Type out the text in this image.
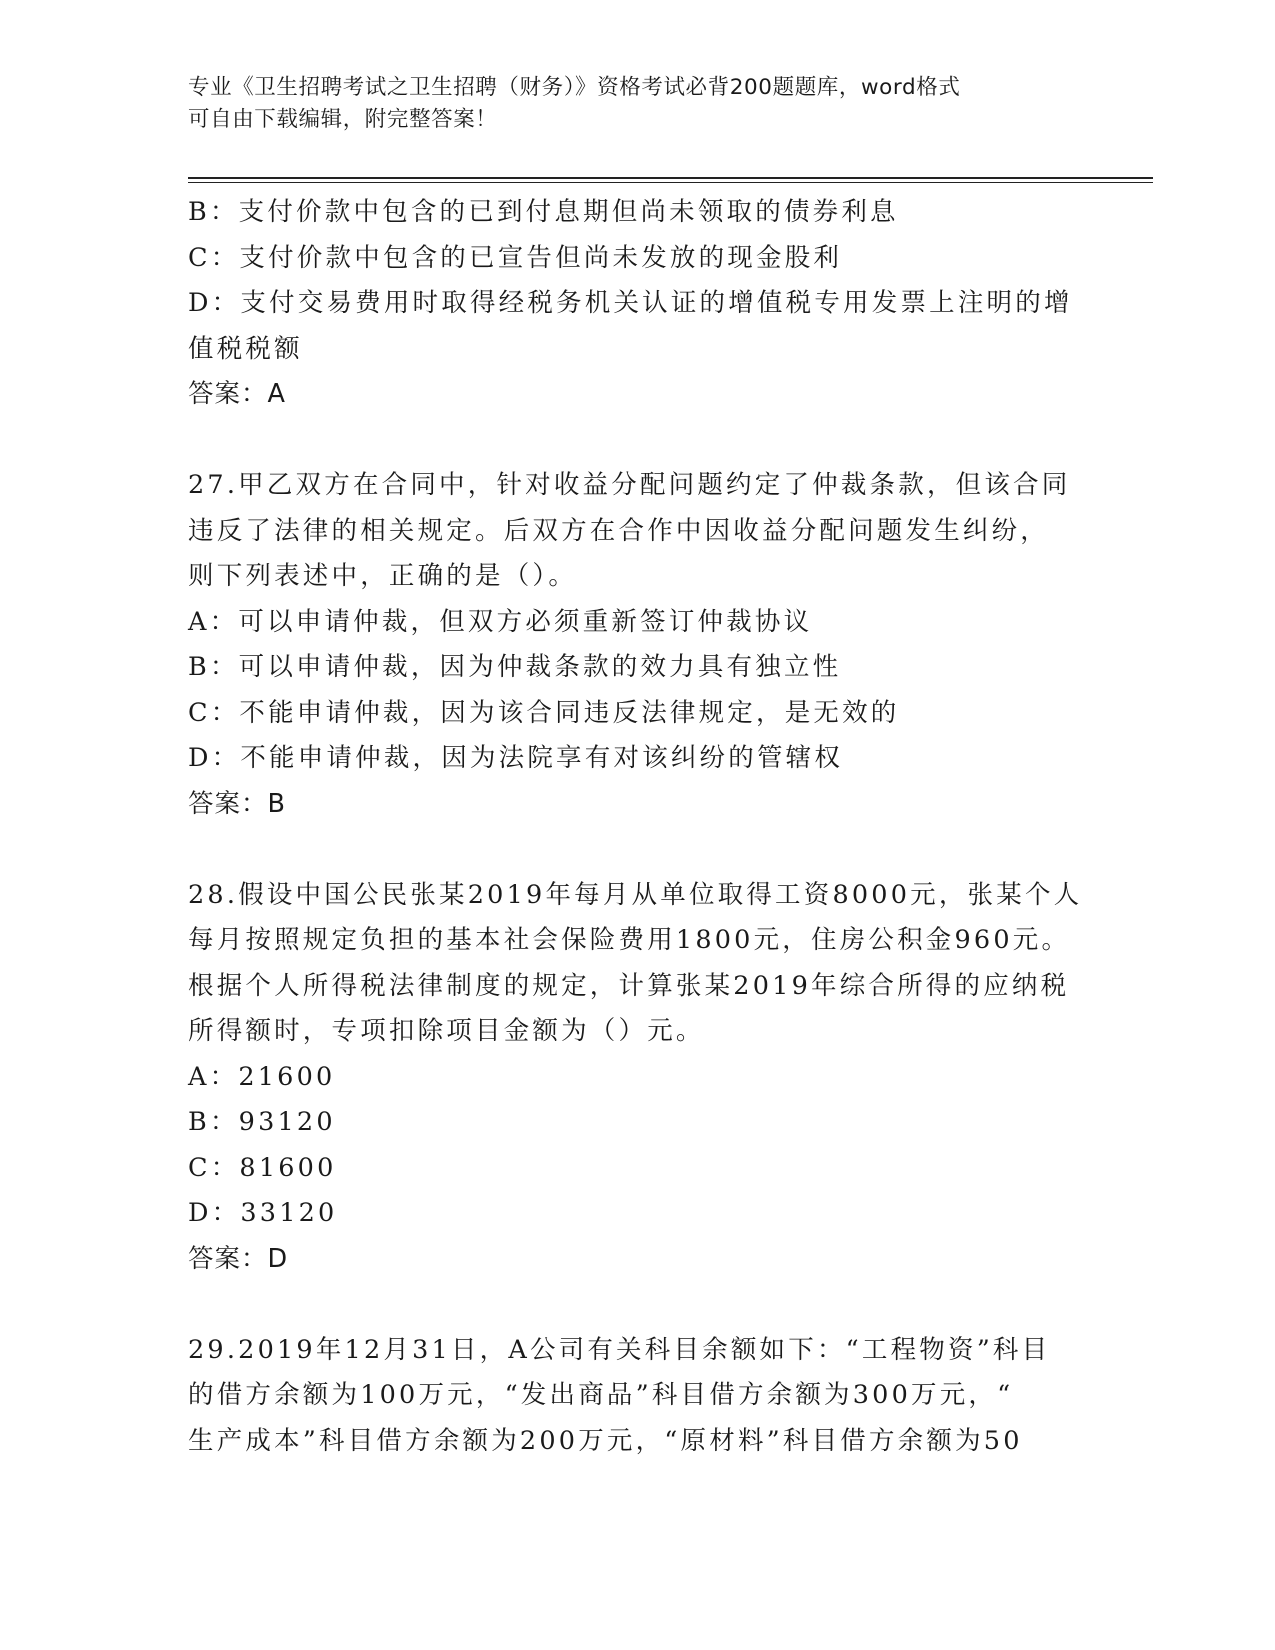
专业《卫生招聘考试之卫生招聘（财务）》资格考试必背200题题库，word格式
可自由下载编辑，附完整答案！
B：支付价款中包含的已到付息期但尚未领取的债券利息
C：支付价款中包含的已宣告但尚未发放的现金股利
D：支付交易费用时取得经税务机关认证的增值税专用发票上注明的增
值税税额
答案：A
27.甲乙双方在合同中，针对收益分配问题约定了仲裁条款，但该合同
违反了法律的相关规定。后双方在合作中因收益分配问题发生纠纷，
则下列表述中，正确的是（）。
A：可以申请仲裁，但双方必须重新签订仲裁协议
B：可以申请仲裁，因为仲裁条款的效力具有独立性
C：不能申请仲裁，因为该合同违反法律规定，是无效的
D：不能申请仲裁，因为法院享有对该纠纷的管辖权
答案：B
28.假设中国公民张某2019年每月从单位取得工资8000元，张某个人
每月按照规定负担的基本社会保险费用1800元，住房公积金960元。
根据个人所得税法律制度的规定，计算张某2019年综合所得的应纳税
所得额时，专项扣除项目金额为（）元。
A：21600
B：93120
C：81600
D：33120
答案：D
29.2019年12月31日，A公司有关科目余额如下：“工程物资”科目
的借方余额为100万元，“发出商品”科目借方余额为300万元，“
生产成本”科目借方余额为200万元，“原材料”科目借方余额为50
